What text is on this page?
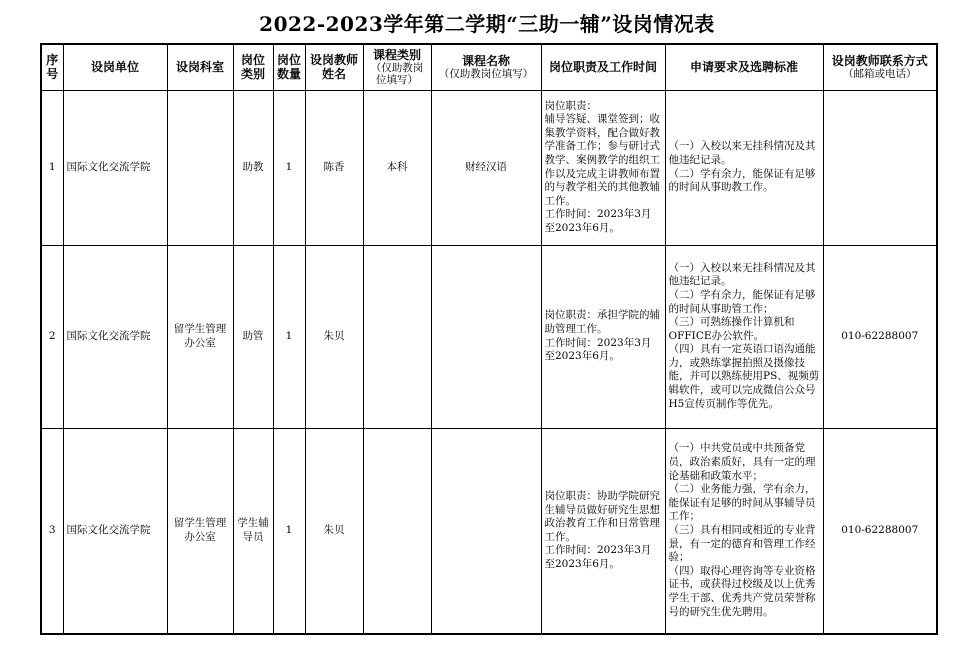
2022-2023学年第二学期“三助一辅”设岗情况表
序号	设岗单位	设岗科室	岗位类别	岗位数量	设岗教师姓名	课程类别
（仅助教岗位填写）	课程名称
（仅助教岗位填写）	岗位职责及工作时间	申请要求及选聘标准	设岗教师联系方式
（邮箱或电话）

1	国际文化交流学院		助教	1	陈香	本科	财经汉语	岗位职责：
辅导答疑、课堂签到；收集教学资料，配合做好教学准备工作；参与研讨式教学、案例教学的组织工作以及完成主讲教师布置的与教学相关的其他教辅工作。
工作时间：2023年3月至2023年6月。	（一）入校以来无挂科情况及其他违纪记录。
（二）学有余力，能保证有足够的时间从事助教工作。	
2	国际文化交流学院	留学生管理办公室	助管	1	朱贝			岗位职责：承担学院的辅助管理工作。
工作时间：2023年3月至2023年6月。	（一）入校以来无挂科情况及其他违纪记录。
（二）学有余力，能保证有足够的时间从事助管工作；
（三）可熟练操作计算机和OFFICE办公软件。
（四）具有一定英语口语沟通能力，或熟练掌握拍照及摄像技能，并可以熟练使用PS、视频剪辑软件，或可以完成微信公众号H5宣传页制作等优先。	010-62288007
3	国际文化交流学院	留学生管理办公室	学生辅导员	1	朱贝			岗位职责：协助学院研究生辅导员做好研究生思想政治教育工作和日常管理工作。
工作时间：2023年3月至2023年6月。	（一）中共党员或中共预备党员，政治素质好，具有一定的理论基础和政策水平；
（二）业务能力强，学有余力，能保证有足够的时间从事辅导员工作；
（三）具有相同或相近的专业背景，有一定的德育和管理工作经验；
（四）取得心理咨询等专业资格证书，或获得过校级及以上优秀学生干部、优秀共产党员荣誉称号的研究生优先聘用。	010-62288007
